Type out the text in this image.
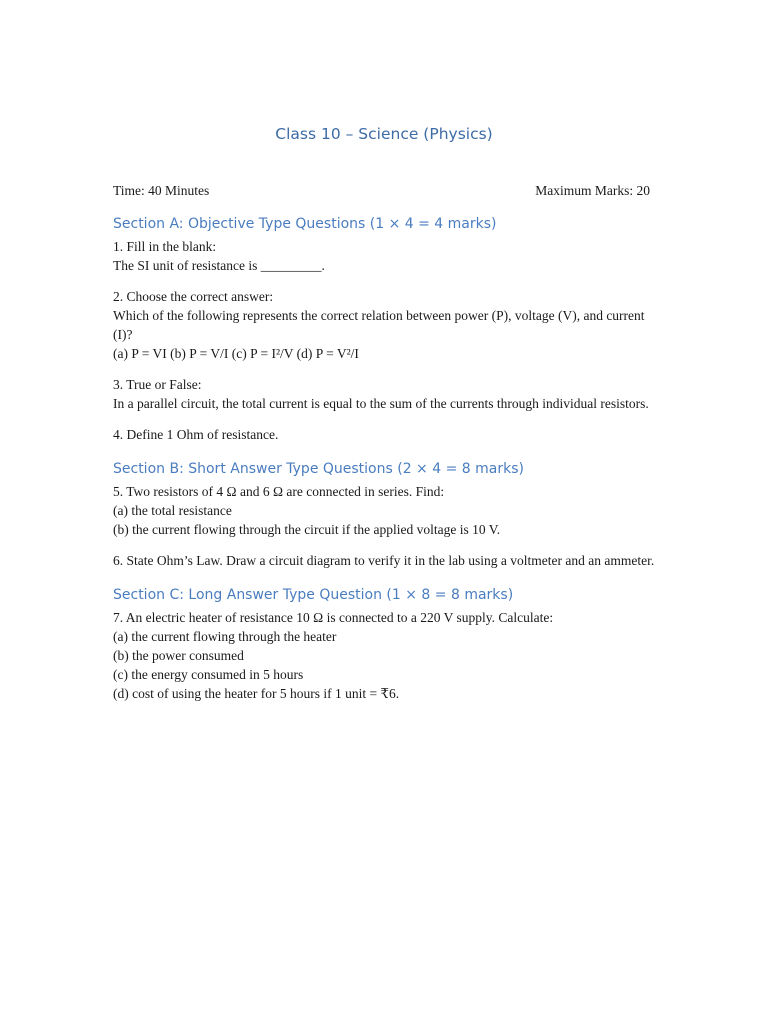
Class 10 – Science (Physics)
Time: 40 Minutes	Maximum Marks: 20
Section A: Objective Type Questions (1 × 4 = 4 marks)

1. Fill in the blank:

The SI unit of resistance is _________.

2. Choose the correct answer:

Which of the following represents the correct relation between power (P), voltage (V), and current (I)?

(a) P = VI (b) P = V/I (c) P = I²/V (d) P = V²/I

3. True or False:

In a parallel circuit, the total current is equal to the sum of the currents through individual resistors.

4. Define 1 Ohm of resistance.

Section B: Short Answer Type Questions (2 × 4 = 8 marks)

5. Two resistors of 4 Ω and 6 Ω are connected in series. Find:

(a) the total resistance

(b) the current flowing through the circuit if the applied voltage is 10 V.

6. State Ohm’s Law. Draw a circuit diagram to verify it in the lab using a voltmeter and an ammeter.

Section C: Long Answer Type Question (1 × 8 = 8 marks)

7. An electric heater of resistance 10 Ω is connected to a 220 V supply. Calculate:

(a) the current flowing through the heater

(b) the power consumed

(c) the energy consumed in 5 hours

(d) cost of using the heater for 5 hours if 1 unit = ₹6.
